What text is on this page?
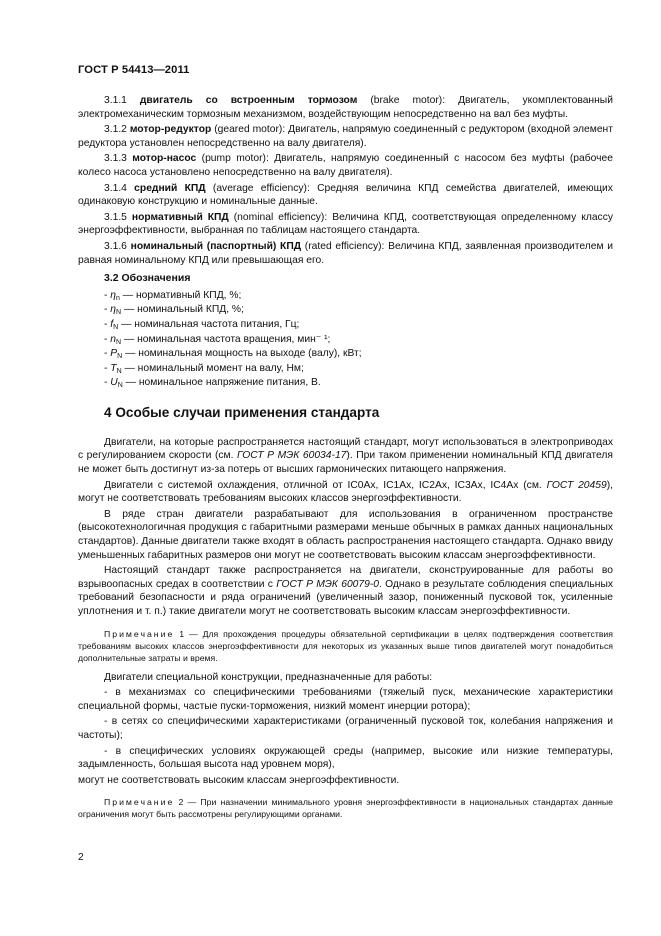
ГОСТ Р 54413—2011

3.1.1 двигатель со встроенным тормозом (brake motor): Двигатель, укомплектованный электромеханическим тормозным механизмом, воздействующим непосредственно на вал без муфты.

3.1.2 мотор-редуктор (geared motor): Двигатель, напрямую соединенный с редуктором (входной элемент редуктора установлен непосредственно на валу двигателя).

3.1.3 мотор-насос (pump motor): Двигатель, напрямую соединенный с насосом без муфты (рабочее колесо насоса установлено непосредственно на валу двигателя).

3.1.4 средний КПД (average efficiency): Средняя величина КПД семейства двигателей, имеющих одинаковую конструкцию и номинальные данные.

3.1.5 нормативный КПД (nominal efficiency): Величина КПД, соответствующая определенному классу энергоэффективности, выбранная по таблицам настоящего стандарта.

3.1.6 номинальный (паспортный) КПД (rated efficiency): Величина КПД, заявленная производителем и равная номинальному КПД или превышающая его.

3.2 Обозначения
- $\eta_n$ — нормативный КПД, %;
- $\eta_N$ — номинальный КПД, %;
- $f_N$ — номинальная частота питания, Гц;
- $n_N$ — номинальная частота вращения, мин⁻ ¹;
- $P_N$ — номинальная мощность на выходе (валу), кВт;
- $T_N$ — номинальный момент на валу, Нм;
- $U_N$ — номинальное напряжение питания, В.
4 Особые случаи применения стандарта

Двигатели, на которые распространяется настоящий стандарт, могут использоваться в электроприводах с регулированием скорости (см. ГОСТ Р МЭК 60034-17). При таком применении номинальный КПД двигателя не может быть достигнут из-за потерь от высших гармонических питающего напряжения.

Двигатели с системой охлаждения, отличной от IC0Ax, IC1Ax, IC2Ax, IC3Ax, IC4Ax (см. ГОСТ 20459), могут не соответствовать требованиям высоких классов энергоэффективности.

В ряде стран двигатели разрабатывают для использования в ограниченном пространстве (высокотехнологичная продукция с габаритными размерами меньше обычных в рамках данных национальных стандартов). Данные двигатели также входят в область распространения настоящего стандарта. Однако ввиду уменьшенных габаритных размеров они могут не соответствовать высоким классам энергоэффективности.

Настоящий стандарт также распространяется на двигатели, сконструированные для работы во взрывоопасных средах в соответствии с ГОСТ Р МЭК 60079-0. Однако в результате соблюдения специальных требований безопасности и ряда ограничений (увеличенный зазор, пониженный пусковой ток, усиленные уплотнения и т. п.) такие двигатели могут не соответствовать высоким классам энергоэффективности.

Примечание 1 — Для прохождения процедуры обязательной сертификации в целях подтверждения соответствия требованиям высоких классов энергоэффективности для некоторых из указанных выше типов двигателей могут понадобиться дополнительные затраты и время.

Двигатели специальной конструкции, предназначенные для работы:

- в механизмах со специфическими требованиями (тяжелый пуск, механические характеристики специальной формы, частые пуски-торможения, низкий момент инерции ротора);

- в сетях со специфическими характеристиками (ограниченный пусковой ток, колебания напряжения и частоты);

- в специфических условиях окружающей среды (например, высокие или низкие температуры, задымленность, большая высота над уровнем моря),

могут не соответствовать высоким классам энергоэффективности.

Примечание 2 — При назначении минимального уровня энергоэффективности в национальных стандартах данные ограничения могут быть рассмотрены регулирующими органами.
2
